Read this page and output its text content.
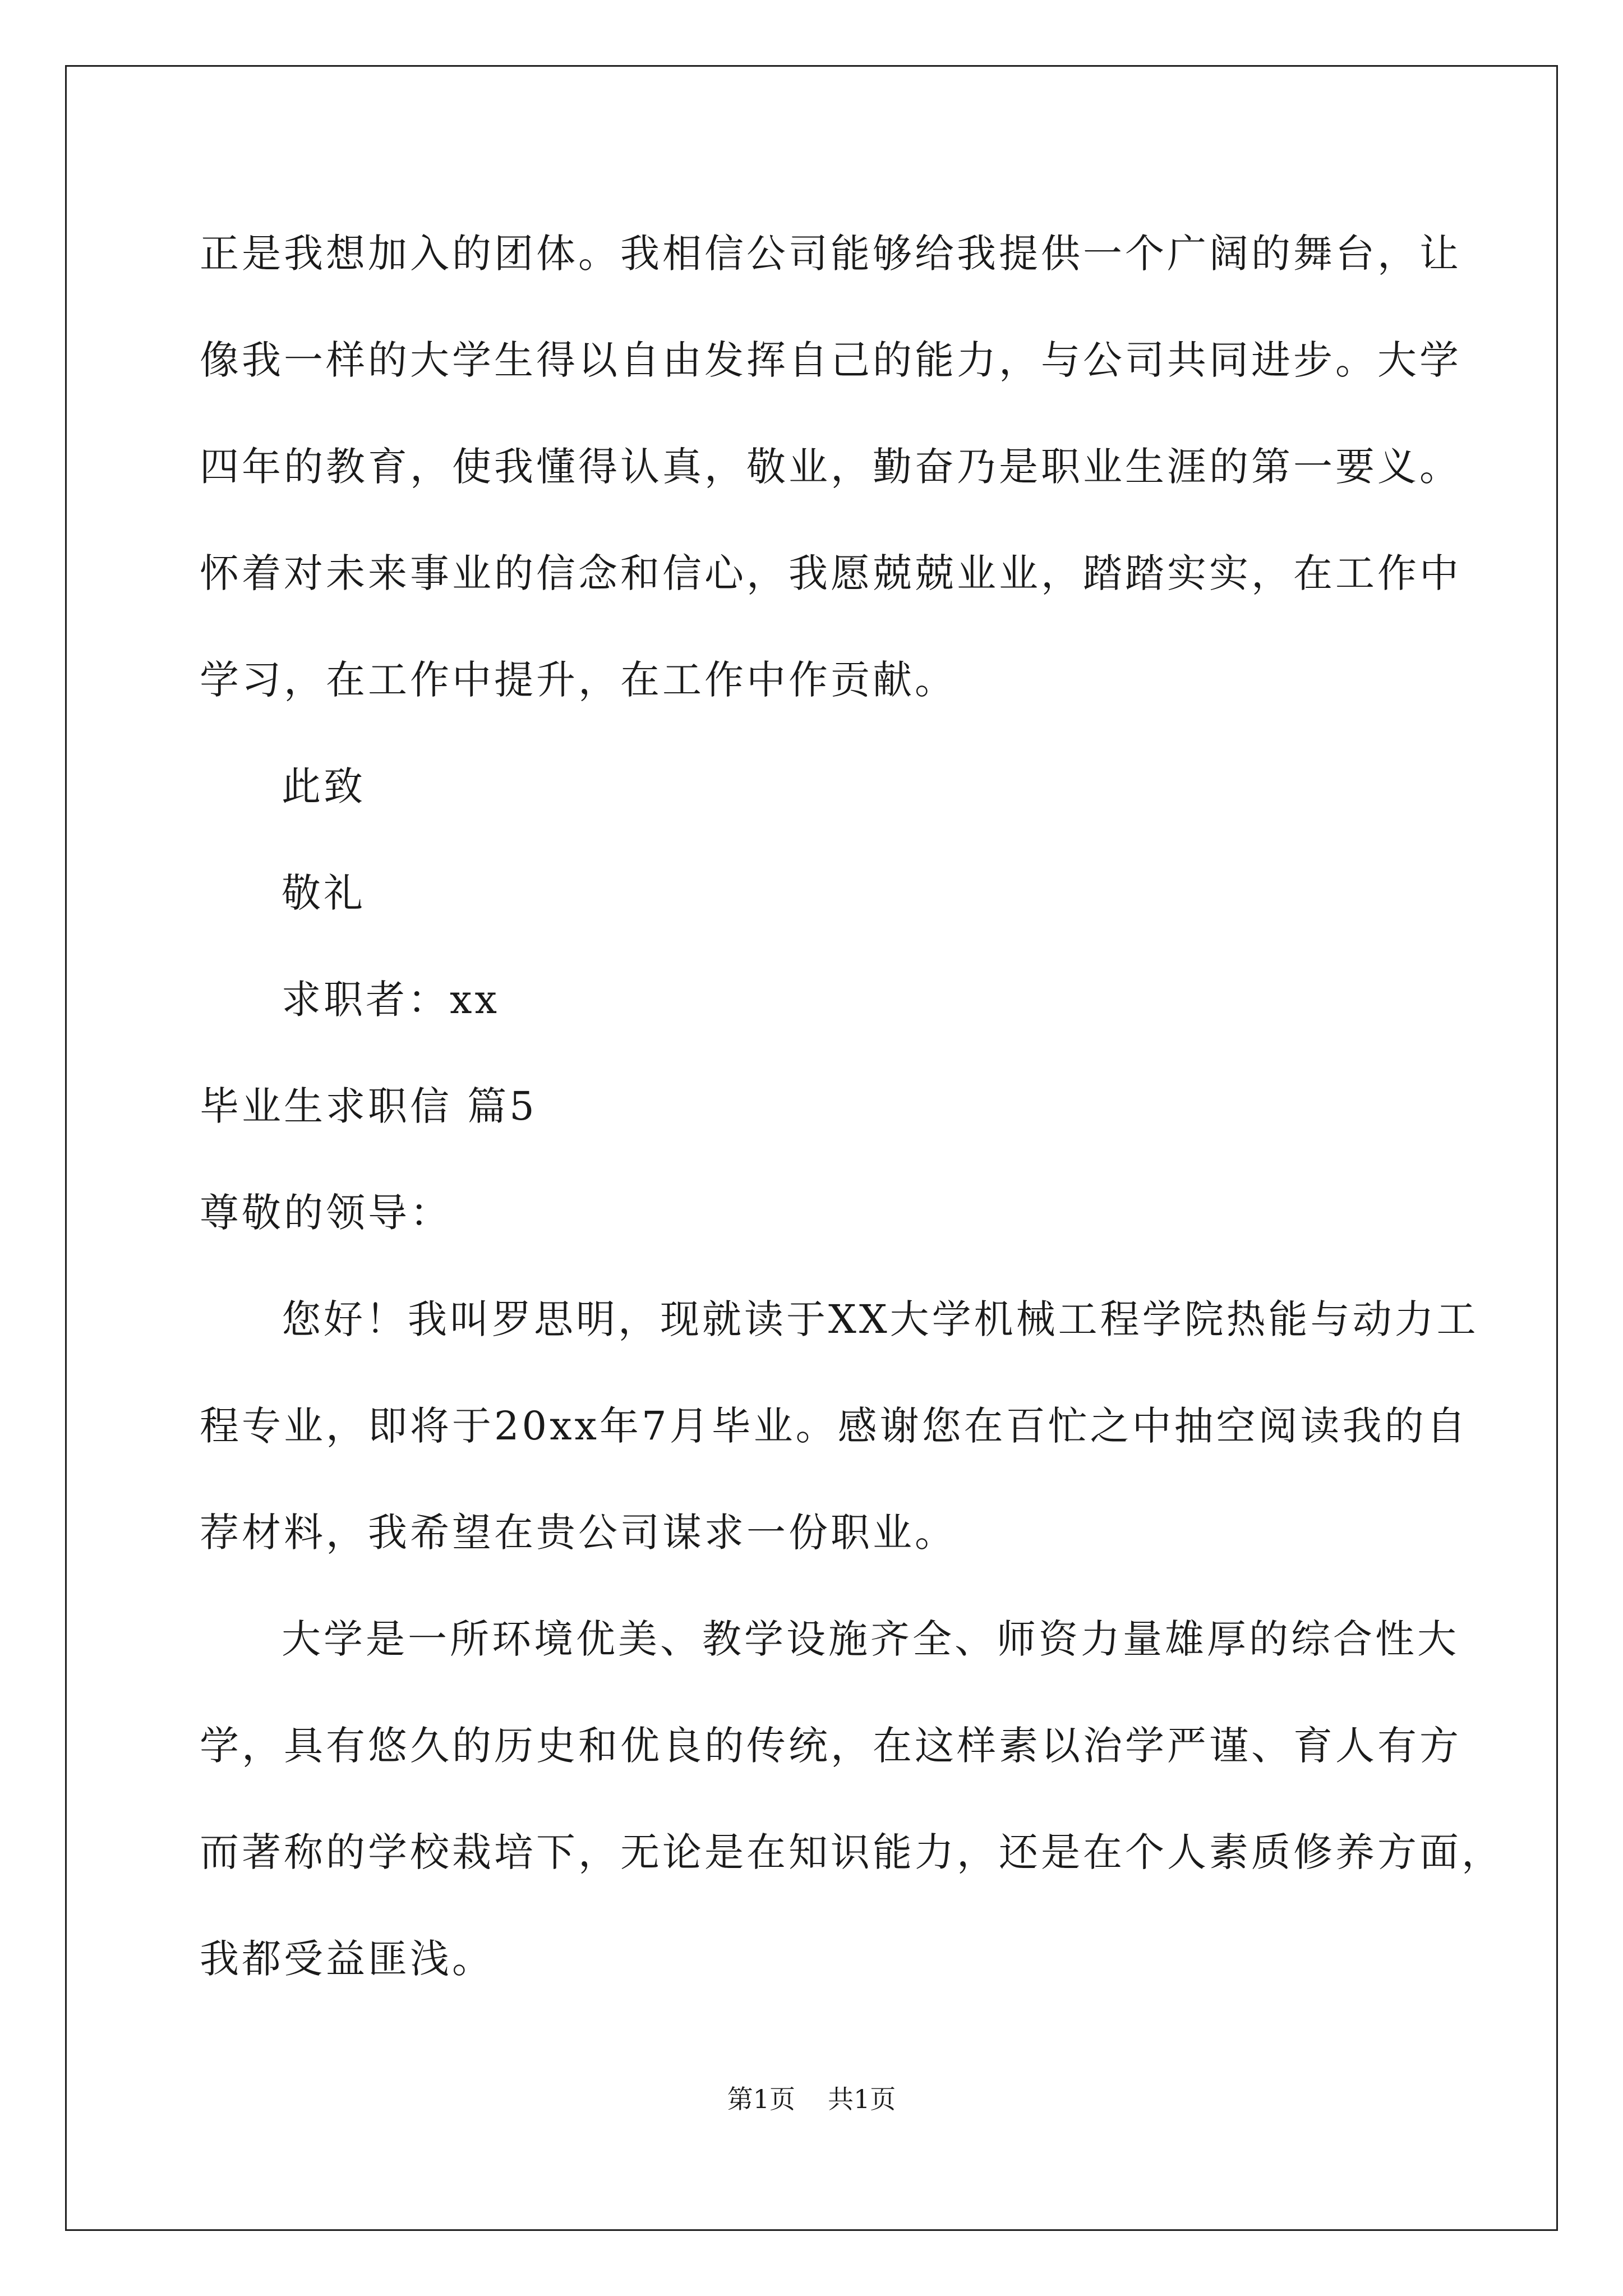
正是我想加入的团体。我相信公司能够给我提供一个广阔的舞台，让
像我一样的大学生得以自由发挥自己的能力，与公司共同进步。大学
四年的教育，使我懂得认真，敬业，勤奋乃是职业生涯的第一要义。
怀着对未来事业的信念和信心，我愿兢兢业业，踏踏实实，在工作中
学习，在工作中提升，在工作中作贡献。
此致
敬礼
求职者：xx
毕业生求职信 篇5
尊敬的领导：
您好！我叫罗思明，现就读于XX大学机械工程学院热能与动力工
程专业，即将于20xx年7月毕业。感谢您在百忙之中抽空阅读我的自
荐材料，我希望在贵公司谋求一份职业。
大学是一所环境优美、教学设施齐全、师资力量雄厚的综合性大
学，具有悠久的历史和优良的传统，在这样素以治学严谨、育人有方
而著称的学校栽培下，无论是在知识能力，还是在个人素质修养方面，
我都受益匪浅。
第1页 共1页
